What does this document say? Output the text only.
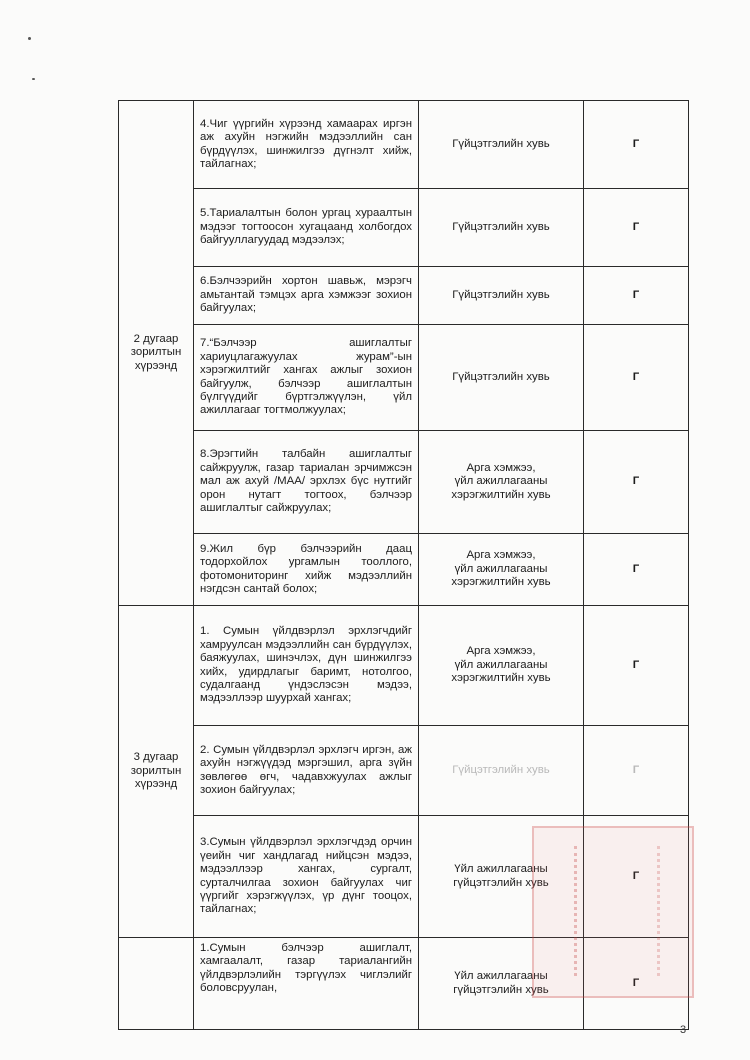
2 дугаар
зорилтын
хүрээнд	4.Чиг үүргийн хүрээнд хамаарах иргэн аж ахуйн нэгжийн мэдээллийн сан бүрдүүлэх, шинжилгээ дүгнэлт хийж, тайлагнах;	Гүйцэтгэлийн хувь	Г

	5.Тариалалтын болон ургац хураалтын мэдээг тогтоосон хугацаанд холбогдох байгууллагуудад мэдээлэх;	Гүйцэтгэлийн хувь	Г

	6.Бэлчээрийн хортон шавьж, мэрэгч амьтантай тэмцэх арга хэмжээг зохион байгуулах;	Гүйцэтгэлийн хувь	Г

	7.“Бэлчээр ашиглалтыг хариуцлагажуулах журам”-ын хэрэгжилтийг хангах ажлыг зохион байгуулж, бэлчээр ашиглалтын бүлгүүдийг бүртгэлжүүлэн, үйл ажиллагааг тогтмолжуулах;	Гүйцэтгэлийн хувь	Г

	8.Эрэгтийн талбайн ашиглалтыг сайжруулж, газар тариалан эрчимжсэн мал аж ахуй /МАА/ эрхлэх бүс нутгийг орон нутагт тогтоох, бэлчээр ашиглалтыг сайжруулах;	Арга хэмжээ,
үйл ажиллагааны
хэрэгжилтийн хувь	Г

	9.Жил бүр бэлчээрийн даац тодорхойлох ургамлын тооллого, фотомониторинг хийж мэдээллийн нэгдсэн сантай болох;	Арга хэмжээ,
үйл ажиллагааны
хэрэгжилтийн хувь	Г

3 дугаар
зорилтын
хүрээнд	1. Сумын үйлдвэрлэл эрхлэгчдийг хамруулсан мэдээллийн сан бүрдүүлэх, баяжуулах, шинэчлэх, дүн шинжилгээ хийх, удирдлагыг баримт, нотолгоо, судалгаанд үндэслэсэн мэдээ, мэдээллээр шуурхай хангах;	Арга хэмжээ,
үйл ажиллагааны
хэрэгжилтийн хувь	Г

	2. Сумын үйлдвэрлэл эрхлэгч иргэн, аж ахуйн нэгжүүдэд мэргэшил, арга зүйн зөвлөгөө өгч, чадавхжуулах ажлыг зохион байгуулах;	Гүйцэтгэлийн хувь	Г

	3.Сумын үйлдвэрлэл эрхлэгчдэд орчин үеийн чиг хандлагад нийцсэн мэдээ, мэдээллээр хангах, сургалт, сурталчилгаа зохион байгуулах чиг үүргийг хэрэгжүүлэх, үр дүнг тооцох, тайлагнах;	Үйл ажиллагааны
гүйцэтгэлийн хувь	Г

	1.Сумын бэлчээр ашиглалт, хамгаалалт, газар тариалангийн үйлдвэрлэлийн тэргүүлэх чиглэлийг боловсруулан,	Үйл ажиллагааны
гүйцэтгэлийн хувь	Г
3
